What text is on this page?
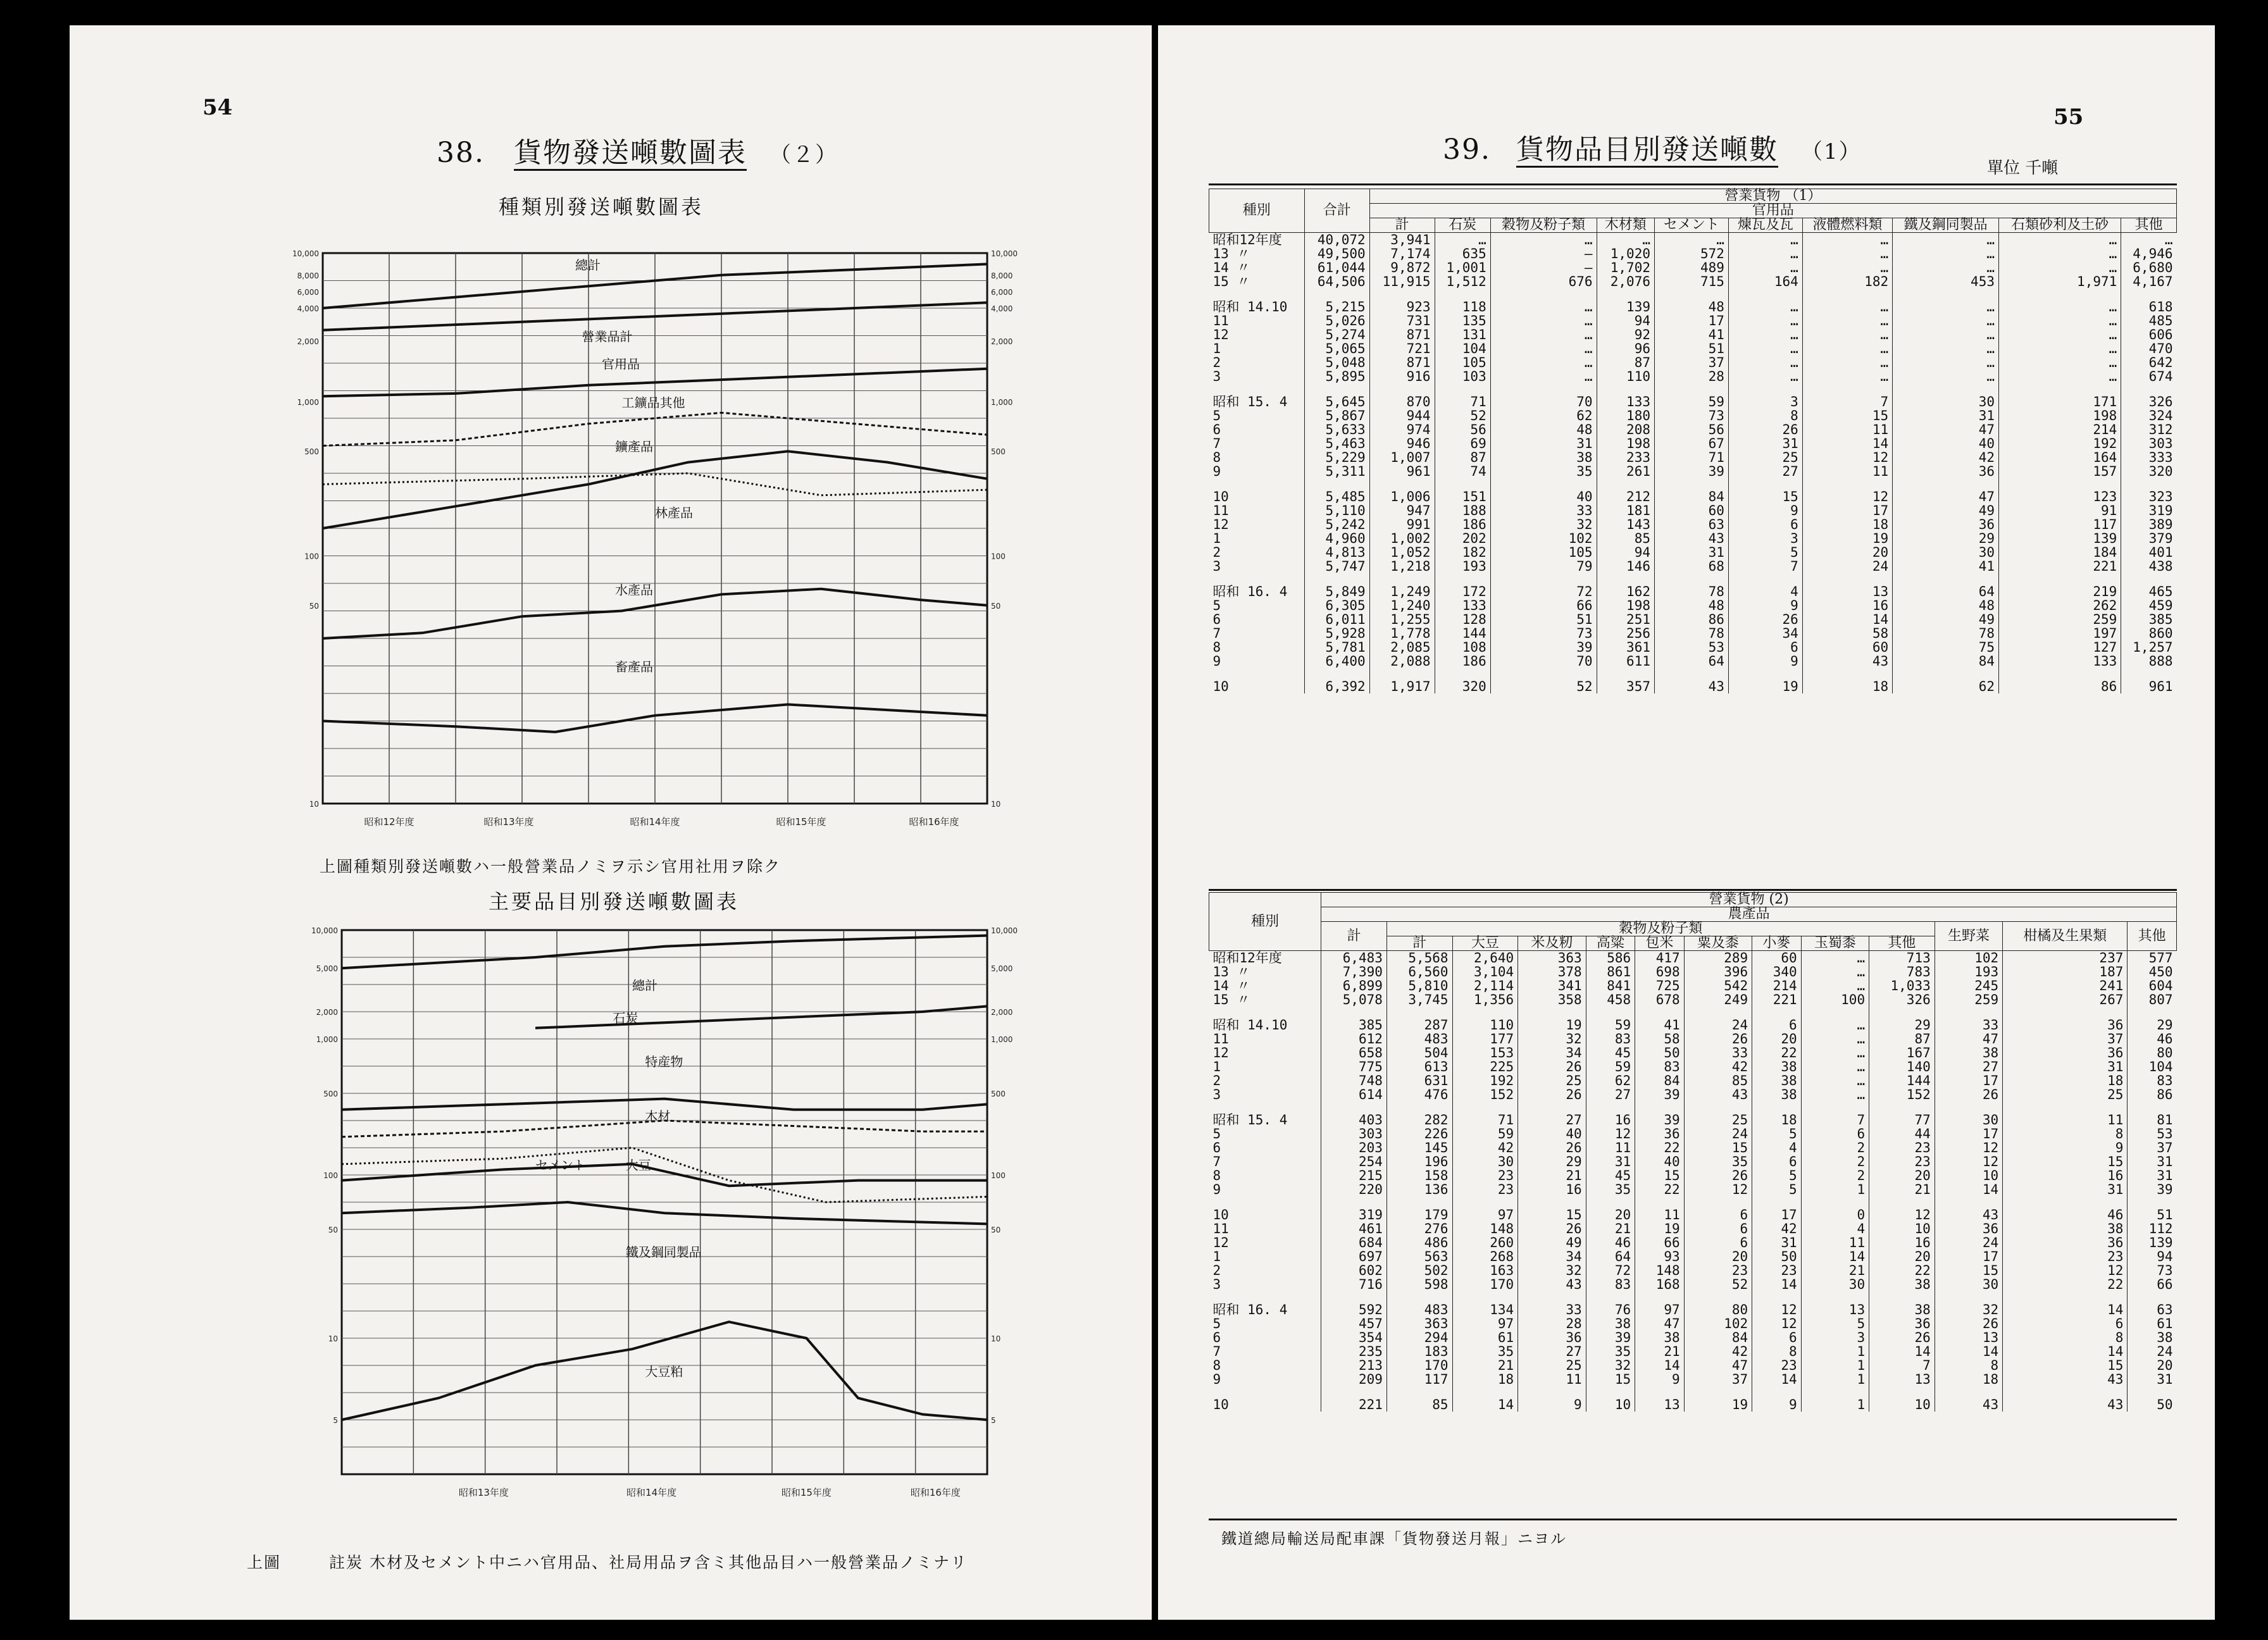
54
38. 貨物發送噸數圖表 （２）
種類別發送噸數圖表
10,000	10,000
8,000	8,000
6,000	6,000
4,000	4,000
2,000	2,000
1,000	1,000
500	500
100	100
50	50
10	10
昭和12年度	昭和13年度	昭和14年度	昭和15年度	昭和16年度
總計
營業品計
官用品
工鑛品其他
鑛產品
林產品
水產品
畜產品
上圖種類別發送噸數ハ一般營業品ノミヲ示シ官用社用ヲ除ク
主要品目別發送噸數圖表
10,000	10,000
5,000	5,000
2,000	2,000
1,000	1,000
500	500
100	100
50	50
10	10
5	5
昭和13年度	昭和14年度	昭和15年度	昭和16年度
總計
石炭
特産物
木材
大豆
セメント
鐵及鋼同製品
大豆粕
上圖	註炭 木材及セメント中ニハ官用品、社局用品ヲ含ミ其他品目ハ一般營業品ノミナリ
55
39. 貨物品目別發送噸數 （1）
單位 千噸
種別	合計	營業貨物 （1）									
		官用品									
		計	石炭	穀物及粉子類	木材類	セメント	煉瓦及瓦	液體燃料類	鐵及鋼同製品	石類砂利及土砂	其他
昭和12年度	40,072	3,941	…	…	…	…	…	…	…	…	…
13 〃	49,500	7,174	635	—	1,020	572	…	…	…	…	4,946
14 〃	61,044	9,872	1,001	—	1,702	489	…	…	…	…	6,680
15 〃	64,506	11,915	1,512	676	2,076	715	164	182	453	1,971	4,167

昭和 14.10	5,215	923	118	…	139	48	…	…	…	…	618
11	5,026	731	135	…	94	17	…	…	…	…	485
12	5,274	871	131	…	92	41	…	…	…	…	606
1	5,065	721	104	…	96	51	…	…	…	…	470
2	5,048	871	105	…	87	37	…	…	…	…	642
3	5,895	916	103	…	110	28	…	…	…	…	674

昭和 15. 4	5,645	870	71	70	133	59	3	7	30	171	326
5	5,867	944	52	62	180	73	8	15	31	198	324
6	5,633	974	56	48	208	56	26	11	47	214	312
7	5,463	946	69	31	198	67	31	14	40	192	303
8	5,229	1,007	87	38	233	71	25	12	42	164	333
9	5,311	961	74	35	261	39	27	11	36	157	320

10	5,485	1,006	151	40	212	84	15	12	47	123	323
11	5,110	947	188	33	181	60	9	17	49	91	319
12	5,242	991	186	32	143	63	6	18	36	117	389
1	4,960	1,002	202	102	85	43	3	19	29	139	379
2	4,813	1,052	182	105	94	31	5	20	30	184	401
3	5,747	1,218	193	79	146	68	7	24	41	221	438

昭和 16. 4	5,849	1,249	172	72	162	78	4	13	64	219	465
5	6,305	1,240	133	66	198	48	9	16	48	262	459
6	6,011	1,255	128	51	251	86	26	14	49	259	385
7	5,928	1,778	144	73	256	78	34	58	78	197	860
8	5,781	2,085	108	39	361	53	6	60	75	127	1,257
9	6,400	2,088	186	70	611	64	9	43	84	133	888

10	6,392	1,917	320	52	357	43	19	18	62	86	961
種別	營業貨物 (2)												
	農產品												
	計	穀物及粉子類									生野菜	柑橘及生果類	其他
		計	大豆	米及籾	高粱	包米	粟及黍	小麥	玉蜀黍	其他			
昭和12年度	6,483	5,568	2,640	363	586	417	289	60	…	713	102	237	577
13 〃	7,390	6,560	3,104	378	861	698	396	340	…	783	193	187	450
14 〃	6,899	5,810	2,114	341	841	725	542	214	…	1,033	245	241	604
15 〃	5,078	3,745	1,356	358	458	678	249	221	100	326	259	267	807

昭和 14.10	385	287	110	19	59	41	24	6	…	29	33	36	29
11	612	483	177	32	83	58	26	20	…	87	47	37	46
12	658	504	153	34	45	50	33	22	…	167	38	36	80
1	775	613	225	26	59	83	42	38	…	140	27	31	104
2	748	631	192	25	62	84	85	38	…	144	17	18	83
3	614	476	152	26	27	39	43	38	…	152	26	25	86

昭和 15. 4	403	282	71	27	16	39	25	18	7	77	30	11	81
5	303	226	59	40	12	36	24	5	6	44	17	8	53
6	203	145	42	26	11	22	15	4	2	23	12	9	37
7	254	196	30	29	31	40	35	6	2	23	12	15	31
8	215	158	23	21	45	15	26	5	2	20	10	16	31
9	220	136	23	16	35	22	12	5	1	21	14	31	39

10	319	179	97	15	20	11	6	17	0	12	43	46	51
11	461	276	148	26	21	19	6	42	4	10	36	38	112
12	684	486	260	49	46	66	6	31	11	16	24	36	139
1	697	563	268	34	64	93	20	50	14	20	17	23	94
2	602	502	163	32	72	148	23	23	21	22	15	12	73
3	716	598	170	43	83	168	52	14	30	38	30	22	66

昭和 16. 4	592	483	134	33	76	97	80	12	13	38	32	14	63
5	457	363	97	28	38	47	102	12	5	36	26	6	61
6	354	294	61	36	39	38	84	6	3	26	13	8	38
7	235	183	35	27	35	21	42	8	1	14	14	14	24
8	213	170	21	25	32	14	47	23	1	7	8	15	20
9	209	117	18	11	15	9	37	14	1	13	18	43	31

10	221	85	14	9	10	13	19	9	1	10	43	43	50
鐵道總局輸送局配車課「貨物發送月報」ニヨル
